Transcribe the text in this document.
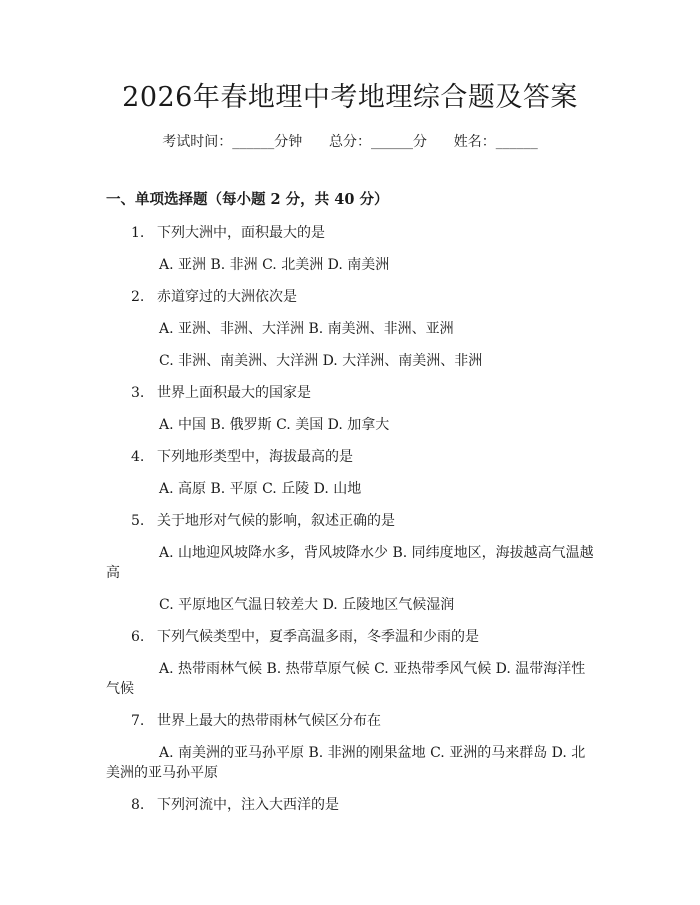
2026年春地理中考地理综合题及答案
考试时间：______分钟 总分：______分 姓名：______
一、单项选择题（每小题 2 分，共 40 分）
1. 下列大洲中，面积最大的是
A. 亚洲 B. 非洲 C. 北美洲 D. 南美洲
2. 赤道穿过的大洲依次是
A. 亚洲、非洲、大洋洲 B. 南美洲、非洲、亚洲
C. 非洲、南美洲、大洋洲 D. 大洋洲、南美洲、非洲
3. 世界上面积最大的国家是
A. 中国 B. 俄罗斯 C. 美国 D. 加拿大
4. 下列地形类型中，海拔最高的是
A. 高原 B. 平原 C. 丘陵 D. 山地
5. 关于地形对气候的影响，叙述正确的是
A. 山地迎风坡降水多，背风坡降水少 B. 同纬度地区，海拔越高气温越
高
C. 平原地区气温日较差大 D. 丘陵地区气候湿润
6. 下列气候类型中，夏季高温多雨，冬季温和少雨的是
A. 热带雨林气候 B. 热带草原气候 C. 亚热带季风气候 D. 温带海洋性
气候
7. 世界上最大的热带雨林气候区分布在
A. 南美洲的亚马孙平原 B. 非洲的刚果盆地 C. 亚洲的马来群岛 D. 北
美洲的亚马孙平原
8. 下列河流中，注入大西洋的是
